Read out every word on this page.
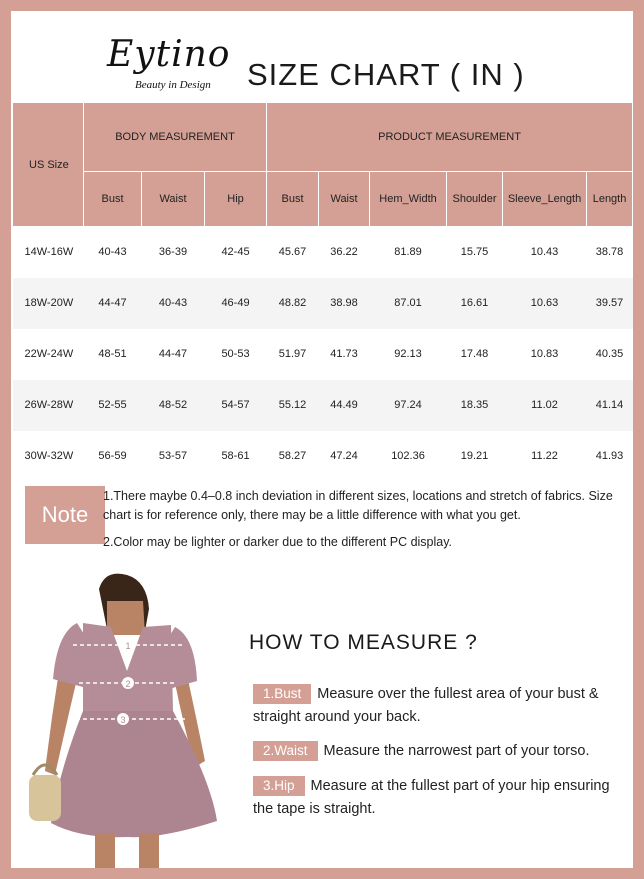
Eytino
Beauty in Design SIZE CHART ( IN )
US Size	BODY MEASUREMENT			PRODUCT MEASUREMENT					
	Bust	Waist	Hip	Bust	Waist	Hem_Width	Shoulder	Sleeve_Length	Length
14W-16W	40-43	36-39	42-45	45.67	36.22	81.89	15.75	10.43	38.78
18W-20W	44-47	40-43	46-49	48.82	38.98	87.01	16.61	10.63	39.57
22W-24W	48-51	44-47	50-53	51.97	41.73	92.13	17.48	10.83	40.35
26W-28W	52-55	48-52	54-57	55.12	44.49	97.24	18.35	11.02	41.14
30W-32W	56-59	53-57	58-61	58.27	47.24	102.36	19.21	11.22	41.93
Note

1.There maybe 0.4–0.8 inch deviation in different sizes, locations and stretch of fabrics. Size chart is for reference only, there may be a little difference with what you get.

2.Color may be lighter or darker due to the different PC display.

1
2
3
HOW TO MEASURE ?
1.Bust Measure over the fullest area of your bust & straight around your back.
2.Waist Measure the narrowest part of your torso.
3.Hip Measure at the fullest part of your hip ensuring the tape is straight.
